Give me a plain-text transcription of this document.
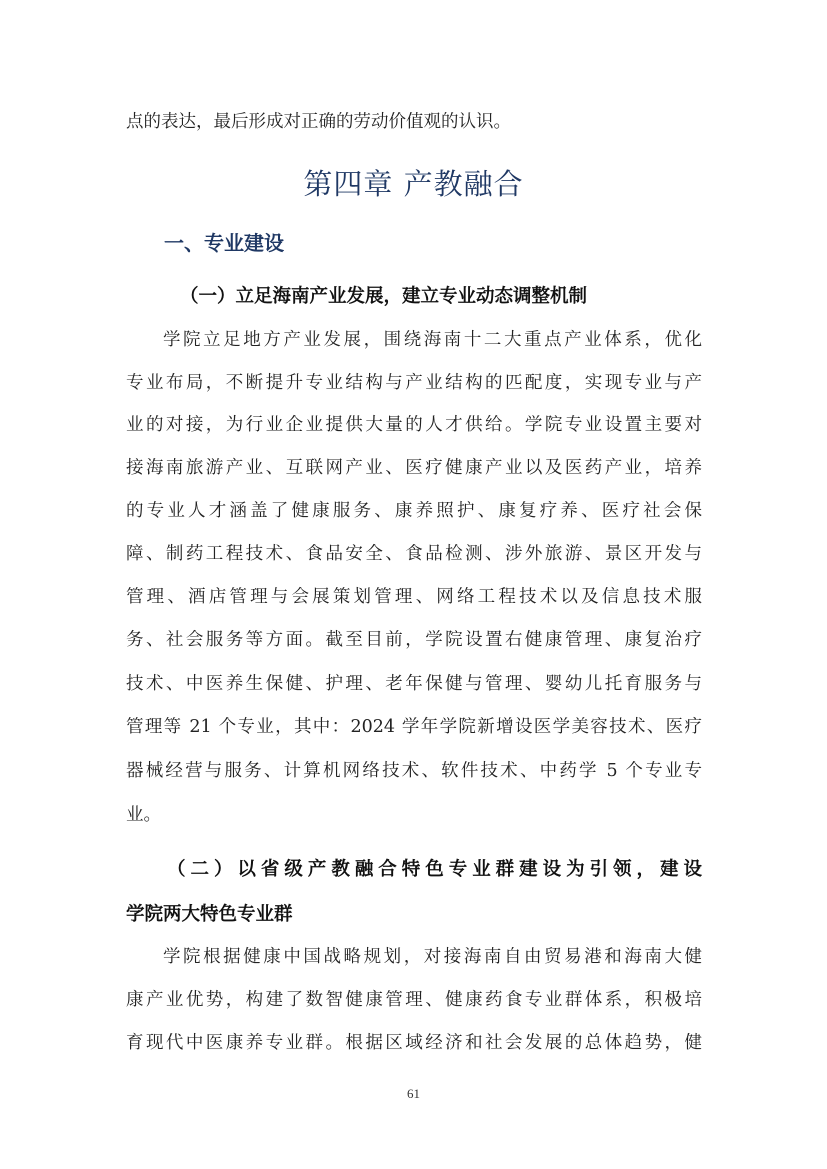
点的表达，最后形成对正确的劳动价值观的认识。
第四章 产教融合
一、专业建设
（一）立足海南产业发展，建立专业动态调整机制
学院立足地方产业发展，围绕海南十二大重点产业体系，优化
专业布局，不断提升专业结构与产业结构的匹配度，实现专业与产
业的对接，为行业企业提供大量的人才供给。学院专业设置主要对
接海南旅游产业、互联网产业、医疗健康产业以及医药产业，培养
的专业人才涵盖了健康服务、康养照护、康复疗养、医疗社会保
障、制药工程技术、食品安全、食品检测、涉外旅游、景区开发与
管理、酒店管理与会展策划管理、网络工程技术以及信息技术服
务、社会服务等方面。截至目前，学院设置右健康管理、康复治疗
技术、中医养生保健、护理、老年保健与管理、婴幼儿托育服务与
管理等 21 个专业，其中：2024 学年学院新增设医学美容技术、医疗
器械经营与服务、计算机网络技术、软件技术、中药学 5 个专业专
业。
（二）以省级产教融合特色专业群建设为引领，建设
学院两大特色专业群
学院根据健康中国战略规划，对接海南自由贸易港和海南大健
康产业优势，构建了数智健康管理、健康药食专业群体系，积极培
育现代中医康养专业群。根据区域经济和社会发展的总体趋势，健
61
